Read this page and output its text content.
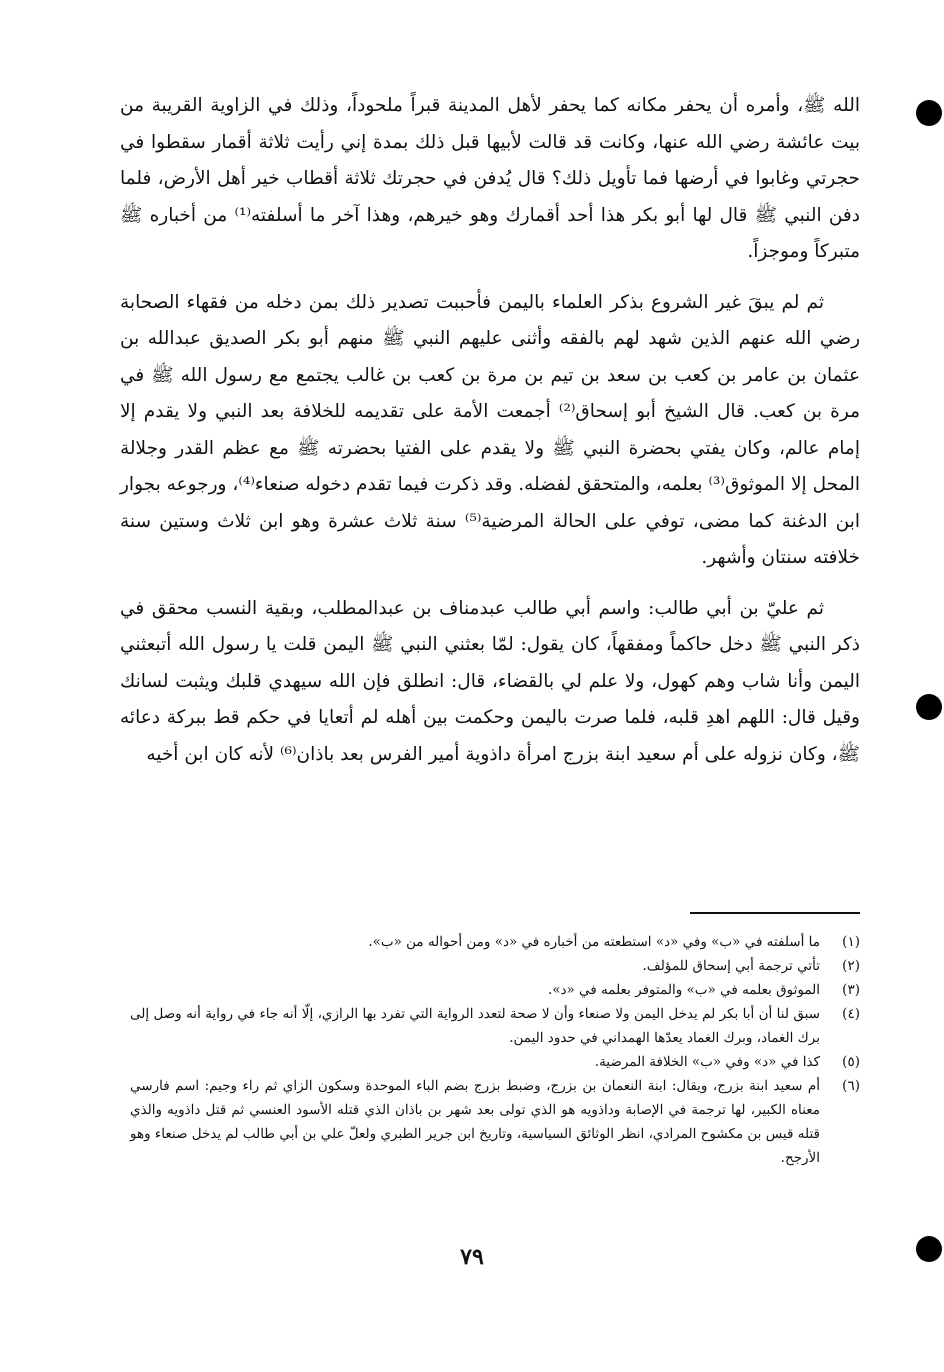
الله ﷺ، وأمره أن يحفر مكانه كما يحفر لأهل المدينة قبراً ملحوداً، وذلك في الزاوية القريبة من بيت عائشة رضي الله عنها، وكانت قد قالت لأبيها قبل ذلك بمدة إني رأيت ثلاثة أقمار سقطوا في حجرتي وغابوا في أرضها فما تأويل ذلك؟ قال يُدفن في حجرتك ثلاثة أقطاب خير أهل الأرض، فلما دفن النبي ﷺ قال لها أبو بكر هذا أحد أقمارك وهو خيرهم، وهذا آخر ما أسلفته⁽¹⁾ من أخباره ﷺ متبركاً وموجزاً.

ثم لم يبقَ غير الشروع بذكر العلماء باليمن فأحببت تصدير ذلك بمن دخله من فقهاء الصحابة رضي الله عنهم الذين شهد لهم بالفقه وأثنى عليهم النبي ﷺ منهم أبو بكر الصديق عبدالله بن عثمان بن عامر بن كعب بن سعد بن تيم بن مرة بن كعب بن غالب يجتمع مع رسول الله ﷺ في مرة بن كعب. قال الشيخ أبو إسحاق⁽²⁾ أجمعت الأمة على تقديمه للخلافة بعد النبي ولا يقدم إلا إمام عالم، وكان يفتي بحضرة النبي ﷺ ولا يقدم على الفتيا بحضرته ﷺ مع عظم القدر وجلالة المحل إلا الموثوق⁽³⁾ بعلمه، والمتحقق لفضله. وقد ذكرت فيما تقدم دخوله صنعاء⁽⁴⁾، ورجوعه بجوار ابن الدغنة كما مضى، توفي على الحالة المرضية⁽⁵⁾ سنة ثلاث عشرة وهو ابن ثلاث وستين سنة خلافته سنتان وأشهر.

ثم عليّ بن أبي طالب: واسم أبي طالب عبدمناف بن عبدالمطلب، وبقية النسب محقق في ذكر النبي ﷺ دخل حاكماً ومفقهاً، كان يقول: لمّا بعثني النبي ﷺ اليمن قلت يا رسول الله أتبعثني اليمن وأنا شاب وهم كهول، ولا علم لي بالقضاء، قال: انطلق فإن الله سيهدي قلبك ويثبت لسانك وقيل قال: اللهم اهدِ قلبه، فلما صرت باليمن وحكمت بين أهله لم أتعايا في حكم قط ببركة دعائه ﷺ، وكان نزوله على أم سعيد ابنة بزرج امرأة داذوية أمير الفرس بعد باذان⁽⁶⁾ لأنه كان ابن أخيه

(١)
ما أسلفته في «ب» وفي «د» استطعته من أخباره في «د» ومن أحواله من «ب».
(٢)
تأتي ترجمة أبي إسحاق للمؤلف.
(٣)
الموثوق بعلمه في «ب» والمتوفر بعلمه في «د».
(٤)
سبق لنا أن أبا بكر لم يدخل اليمن ولا صنعاء وأن لا صحة لتعدد الرواية التي تفرد بها الرازي، إلّا أنه جاء في رواية أنه وصل إلى برك الغماد، وبرك الغماد يعدّها الهمداني في حدود اليمن.
(٥)
كذا في «د» وفي «ب» الخلافة المرضية.
(٦)
أم سعيد ابنة بزرج، ويقال: ابنة النعمان بن بزرج، وضبط بزرج بضم الباء الموحدة وسكون الزاي ثم راء وجيم: اسم فارسي معناه الكبير، لها ترجمة في الإصابة وداذويه هو الذي تولى بعد شهر بن باذان الذي قتله الأسود العنسي ثم قتل داذويه والذي قتله قيس بن مكشوح المرادي، انظر الوثائق السياسية، وتاريخ ابن جرير الطبري ولعلّ علي بن أبي طالب لم يدخل صنعاء وهو الأرجح.
٧٩
